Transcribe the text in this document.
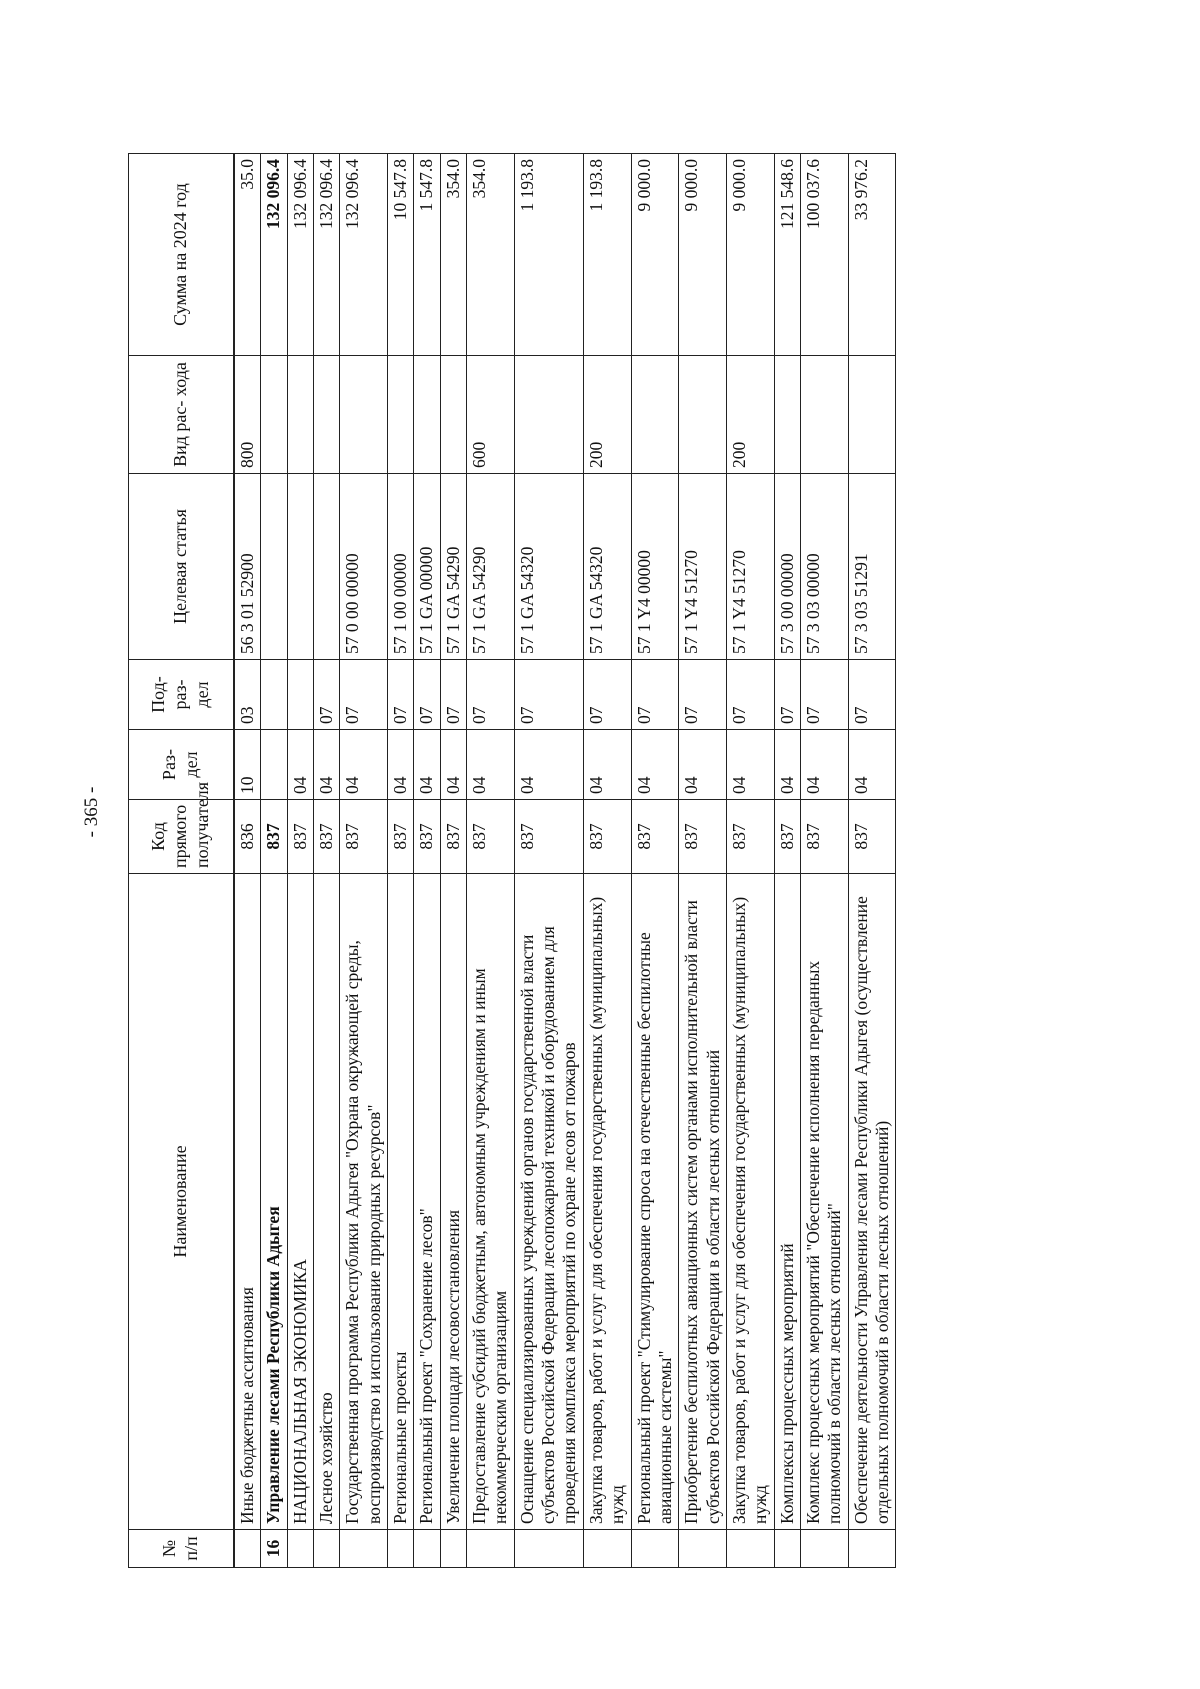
- 365 -
№ п/п	Наименование	Код прямого получателя	Раз- дел	Под- раз- дел	Целевая статья	Вид рас- хода	Сумма на 2024 год
	Иные бюджетные ассигнования	836	10	03	56 3 01 52900	800	35.0
16	Управление лесами Республики Адыгея	837					132 096.4
	НАЦИОНАЛЬНАЯ ЭКОНОМИКА	837	04				132 096.4
	Лесное хозяйство	837	04	07			132 096.4
	Государственная программа Республики Адыгея "Охрана окружающей среды, воспроизводство и использование природных ресурсов"	837	04	07	57 0 00 00000		132 096.4
	Региональные проекты	837	04	07	57 1 00 00000		10 547.8
	Региональный проект "Сохранение лесов"	837	04	07	57 1 GA 00000		1 547.8
	Увеличение площади лесовосстановления	837	04	07	57 1 GA 54290		354.0
	Предоставление субсидий бюджетным, автономным учреждениям и иным некоммерческим организациям	837	04	07	57 1 GA 54290	600	354.0
	Оснащение специализированных учреждений органов государственной власти субъектов Российской Федерации лесопожарной техникой и оборудованием для проведения комплекса мероприятий по охране лесов от пожаров	837	04	07	57 1 GA 54320		1 193.8
	Закупка товаров, работ и услуг для обеспечения государственных (муниципальных) нужд	837	04	07	57 1 GA 54320	200	1 193.8
	Региональный проект "Стимулирование спроса на отечественные беспилотные авиационные системы"	837	04	07	57 1 Y4 00000		9 000.0
	Приобретение беспилотных авиационных систем органами исполнительной власти субъектов Российской Федерации в области лесных отношений	837	04	07	57 1 Y4 51270		9 000.0
	Закупка товаров, работ и услуг для обеспечения государственных (муниципальных) нужд	837	04	07	57 1 Y4 51270	200	9 000.0
	Комплексы процессных мероприятий	837	04	07	57 3 00 00000		121 548.6
	Комплекс процессных мероприятий "Обеспечение исполнения переданных полномочий в области лесных отношений"	837	04	07	57 3 03 00000		100 037.6
	Обеспечение деятельности Управления лесами Республики Адыгея (осуществление отдельных полномочий в области лесных отношений)	837	04	07	57 3 03 51291		33 976.2
